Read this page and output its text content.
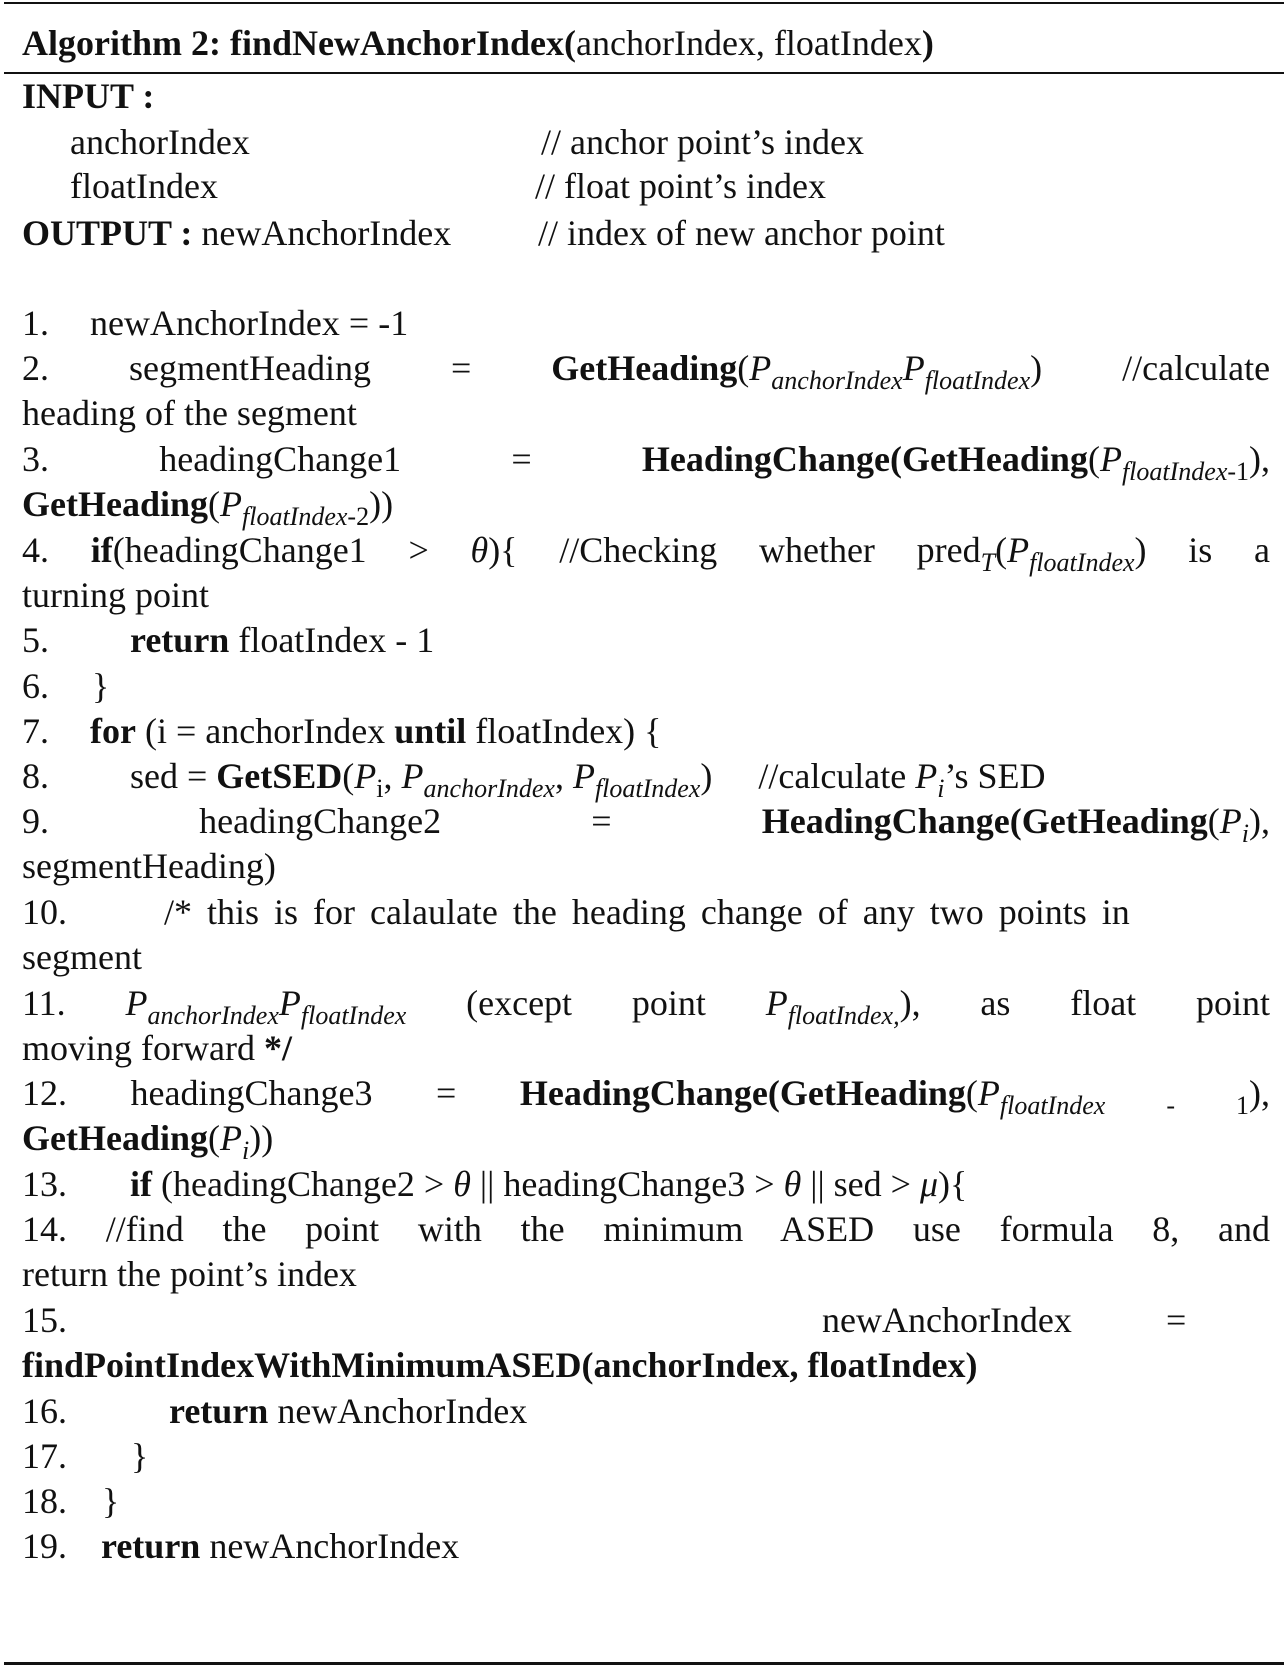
Algorithm 2: findNewAnchorIndex(anchorIndex, floatIndex)
INPUT :
anchorIndex	// anchor point’s index
floatIndex	// float point’s index
OUTPUT : newAnchorIndex // index of new anchor point
1. newAnchorIndex = -1
2. segmentHeading = $GetHeading(P_{anchorIndex}P_{floatIndex})$ //calculate
heading of the segment
3.	headingChange1	=	$HeadingChange(GetHeading(P_{floatIndex-1})$,
$GetHeading(P_{floatIndex-2})$)
4. if(headingChange1 > θ){ //Checking whether $pred_T(P_{floatIndex})$ is a
turning point
5. return floatIndex - 1
6. }
7. for (i = anchorIndex until floatIndex) {
8. sed = $GetSED(P_i$, $P_{anchorIndex}$, $P_{floatIndex}$) //calculate $P_i’s$ SED
9.	headingChange2	=	$HeadingChange(GetHeading(P_i)$,
segmentHeading)
10.	/* this is for calaulate the heading change of any two points in
segment
11. $P_{anchorIndex}P_{floatIndex}$ (except point $P_{floatIndex,}$), as float point
moving forward */
12. headingChange3 = $HeadingChange(GetHeading(P_{floatIndex - 1})$,
$GetHeading(P_i)$)
13. if (headingChange2 > θ || headingChange3 > θ || sed > μ){
14. //find the point with the minimum ASED use formula 8, and
return the point’s index
15.	newAnchorIndex	=
findPointIndexWithMinimumASED(anchorIndex, floatIndex)
16.	return newAnchorIndex
17. }
18. }
19. return newAnchorIndex
